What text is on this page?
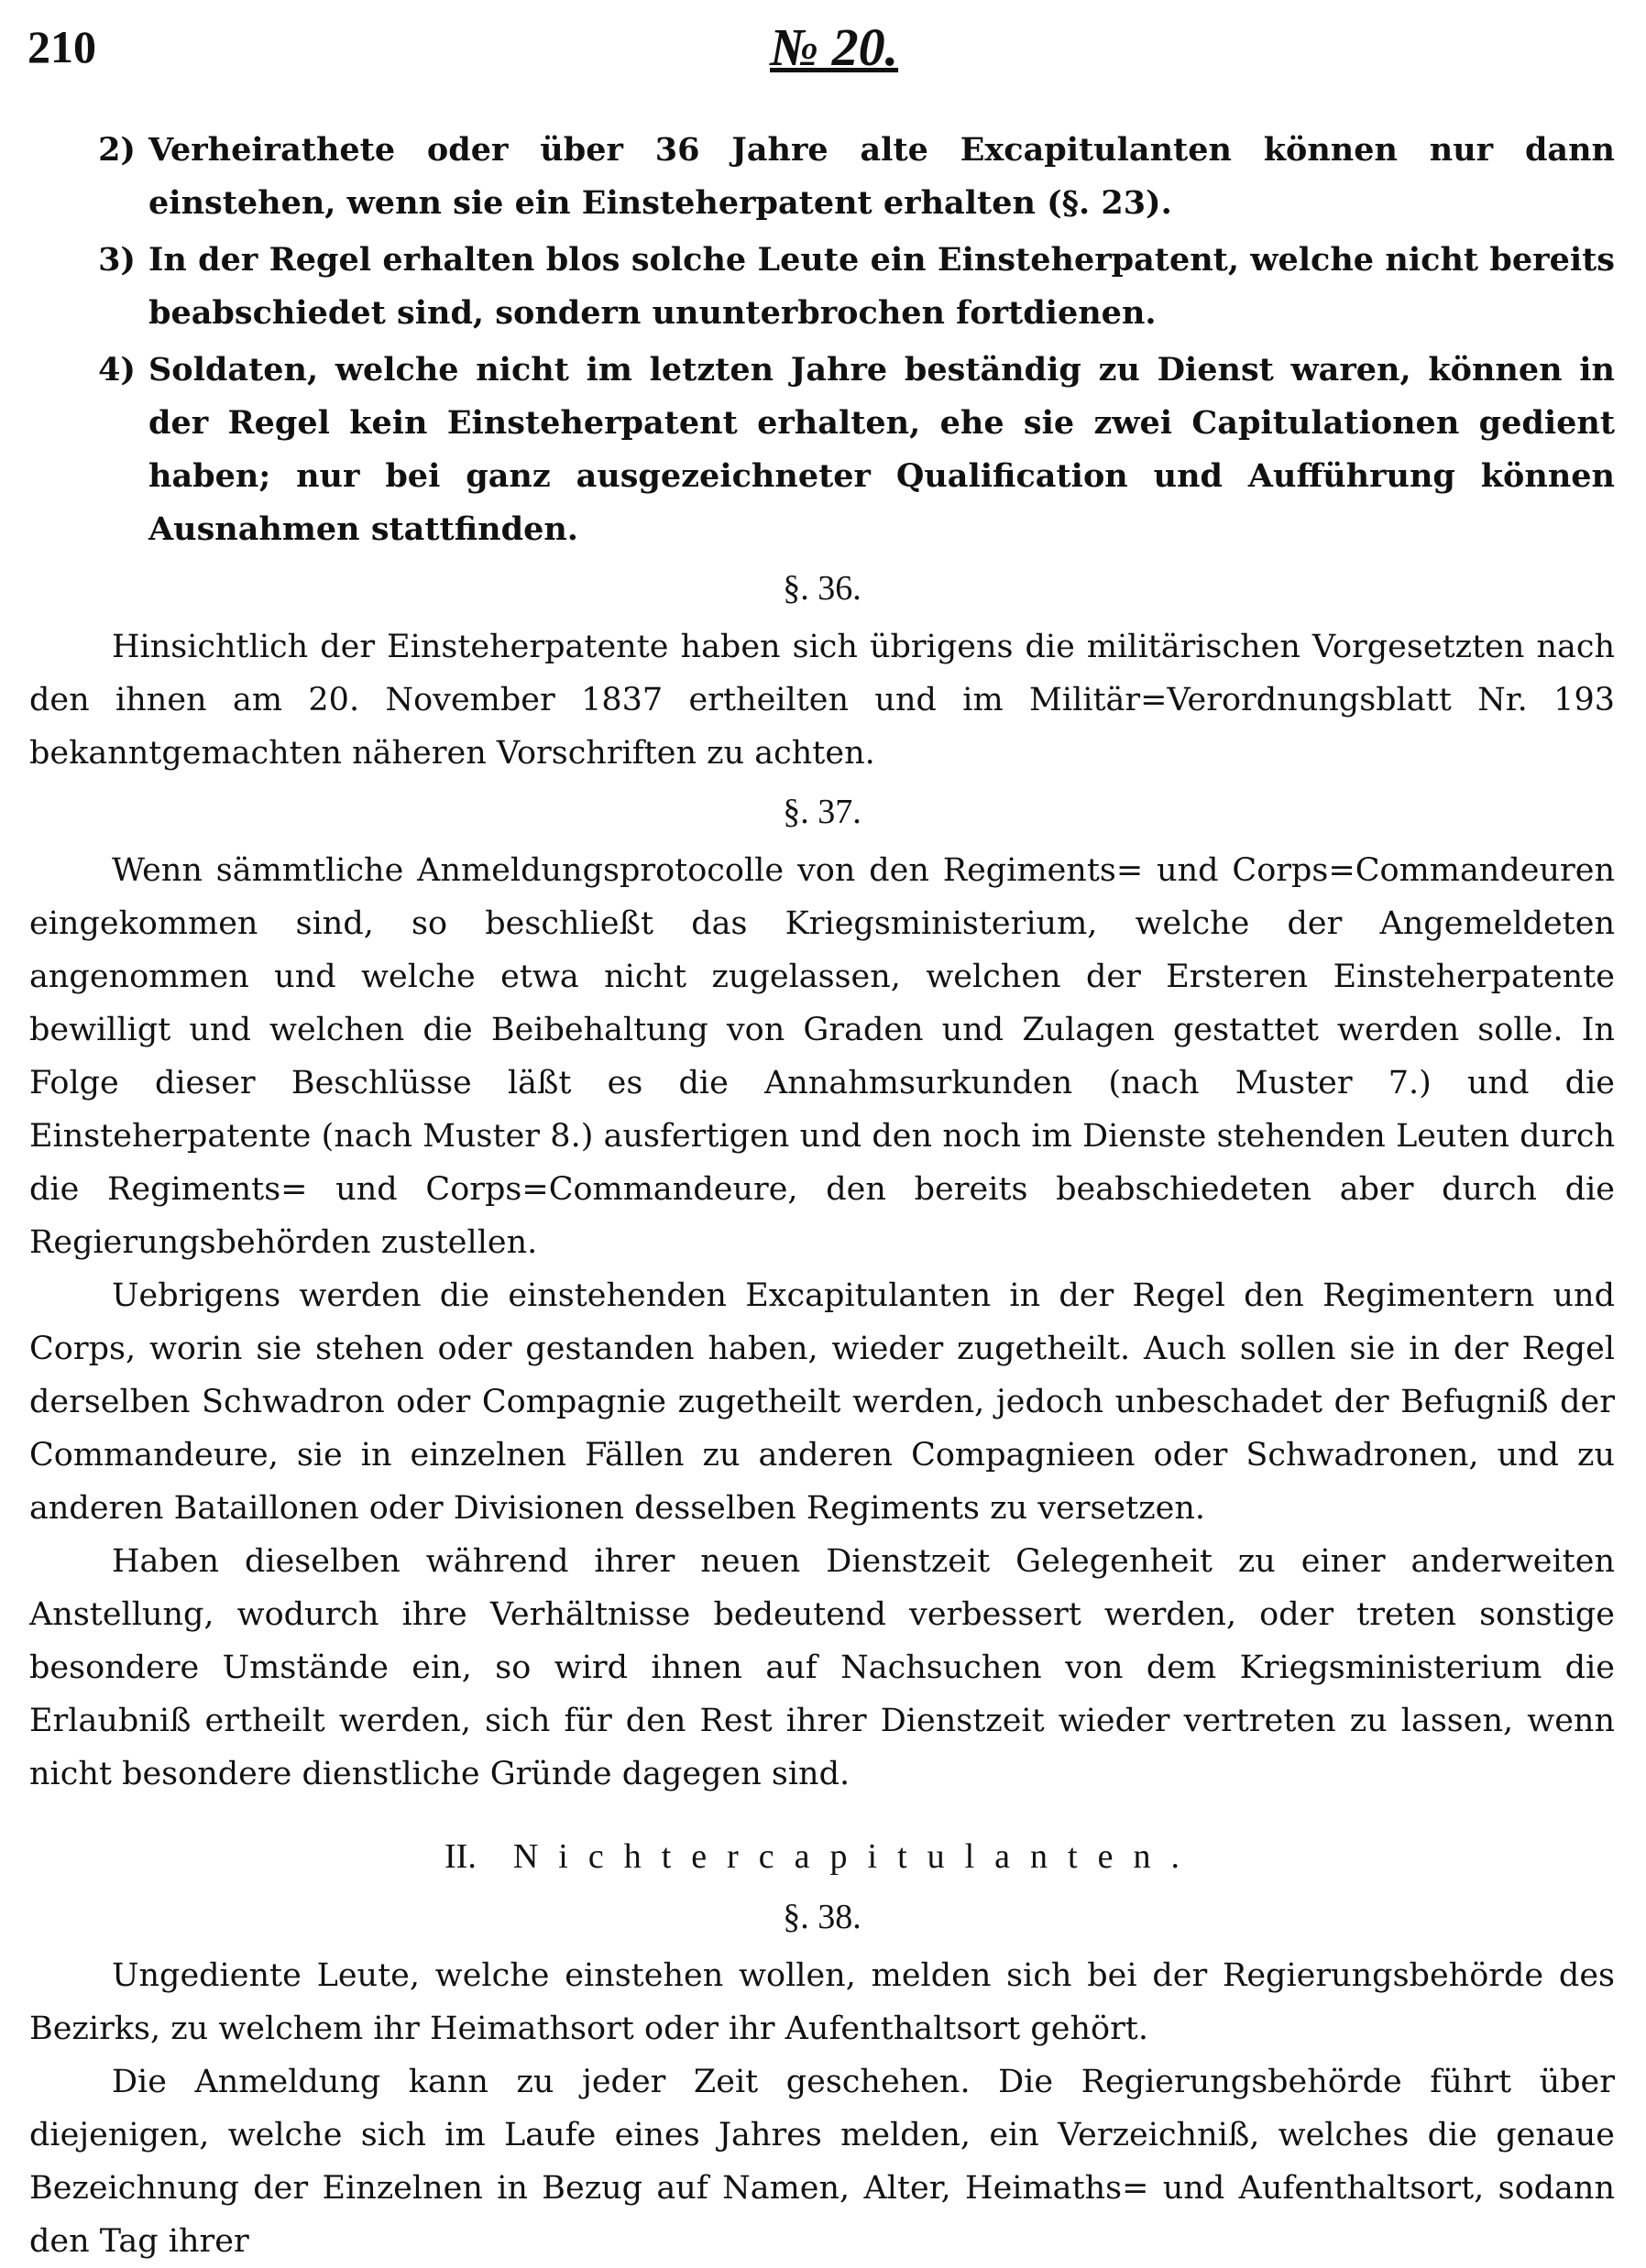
210	№ 20.
2) Verheirathete oder über 36 Jahre alte Excapitulanten können nur dann einstehen, wenn sie ein Einsteherpatent erhalten (§. 23).
3) In der Regel erhalten blos solche Leute ein Einsteherpatent, welche nicht bereits beabschiedet sind, sondern ununterbrochen fortdienen.
4) Soldaten, welche nicht im letzten Jahre beständig zu Dienst waren, können in der Regel kein Einsteherpatent erhalten, ehe sie zwei Capitulationen gedient haben; nur bei ganz ausgezeichneter Qualification und Aufführung können Ausnahmen stattfinden.
§. 36.

Hinsichtlich der Einsteherpatente haben sich übrigens die militärischen Vorgesetzten nach den ihnen am 20. November 1837 ertheilten und im Militär=Verordnungsblatt Nr. 193 bekanntgemachten näheren Vorschriften zu achten.

§. 37.

Wenn sämmtliche Anmeldungsprotocolle von den Regiments= und Corps=Commandeuren eingekommen sind, so beschließt das Kriegsministerium, welche der Angemeldeten angenommen und welche etwa nicht zugelassen, welchen der Ersteren Einsteherpatente bewilligt und welchen die Beibehaltung von Graden und Zulagen gestattet werden solle. In Folge dieser Beschlüsse läßt es die Annahmsurkunden (nach Muster 7.) und die Einsteherpatente (nach Muster 8.) ausfertigen und den noch im Dienste stehenden Leuten durch die Regiments= und Corps=Commandeure, den bereits beabschiedeten aber durch die Regierungsbehörden zustellen.

Uebrigens werden die einstehenden Excapitulanten in der Regel den Regimentern und Corps, worin sie stehen oder gestanden haben, wieder zugetheilt. Auch sollen sie in der Regel derselben Schwadron oder Compagnie zugetheilt werden, jedoch unbeschadet der Befugniß der Commandeure, sie in einzelnen Fällen zu anderen Compagnieen oder Schwadronen, und zu anderen Bataillonen oder Divisionen desselben Regiments zu versetzen.

Haben dieselben während ihrer neuen Dienstzeit Gelegenheit zu einer anderweiten Anstellung, wodurch ihre Verhältnisse bedeutend verbessert werden, oder treten sonstige besondere Umstände ein, so wird ihnen auf Nachsuchen von dem Kriegsministerium die Erlaubniß ertheilt werden, sich für den Rest ihrer Dienstzeit wieder vertreten zu lassen, wenn nicht besondere dienstliche Gründe dagegen sind.

II. Nichtercapitulanten.
§. 38.

Ungediente Leute, welche einstehen wollen, melden sich bei der Regierungsbehörde des Bezirks, zu welchem ihr Heimathsort oder ihr Aufenthaltsort gehört.

Die Anmeldung kann zu jeder Zeit geschehen. Die Regierungsbehörde führt über diejenigen, welche sich im Laufe eines Jahres melden, ein Verzeichniß, welches die genaue Bezeichnung der Einzelnen in Bezug auf Namen, Alter, Heimaths= und Aufenthaltsort, sodann den Tag ihrer
